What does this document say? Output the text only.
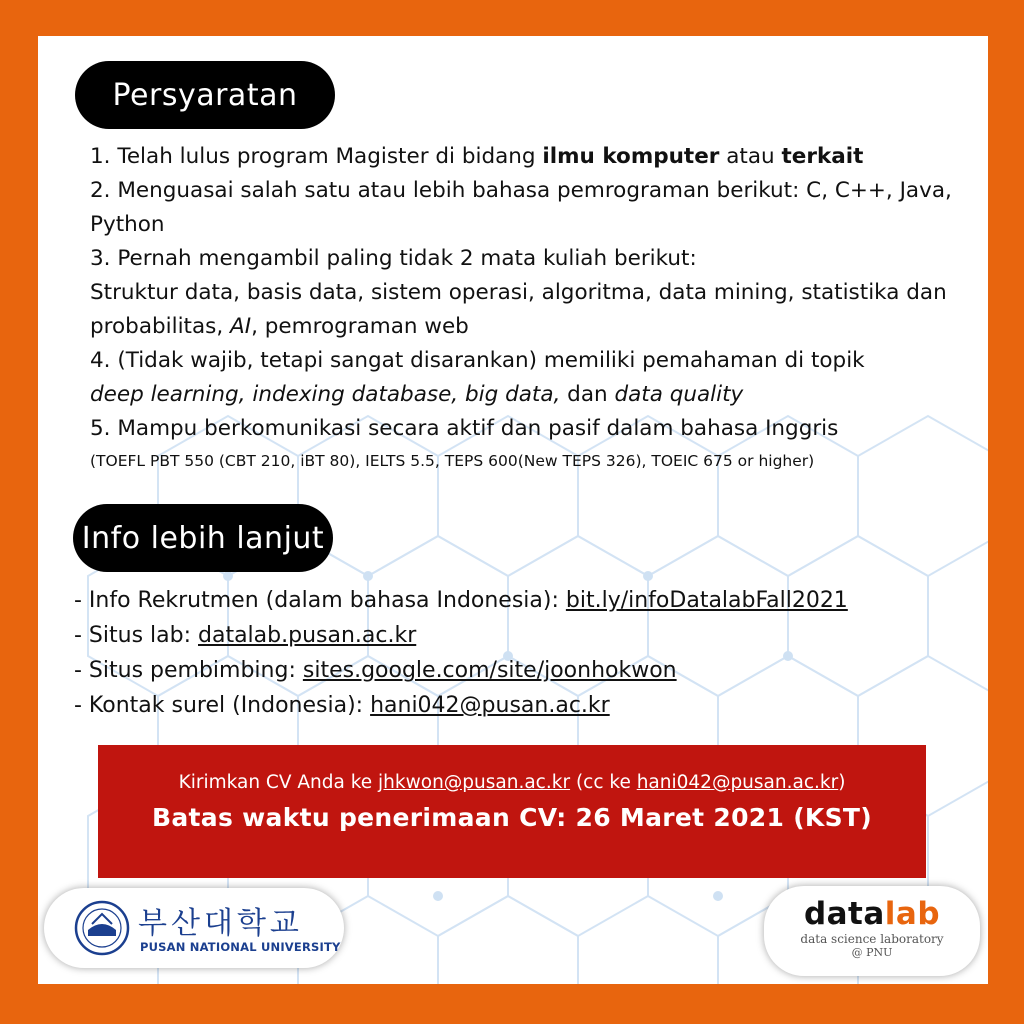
Persyaratan

1. Telah lulus program Magister di bidang ilmu komputer atau terkait

2. Menguasai salah satu atau lebih bahasa pemrograman berikut: C, C++, Java, Python

3. Pernah mengambil paling tidak 2 mata kuliah berikut:

Struktur data, basis data, sistem operasi, algoritma, data mining, statistika dan probabilitas, AI, pemrograman web

4. (Tidak wajib, tetapi sangat disarankan) memiliki pemahaman di topik

deep learning, indexing database, big data, dan data quality

5. Mampu berkomunikasi secara aktif dan pasif dalam bahasa Inggris

(TOEFL PBT 550 (CBT 210, iBT 80), IELTS 5.5, TEPS 600(New TEPS 326), TOEIC 675 or higher)

Info lebih lanjut

- Info Rekrutmen (dalam bahasa Indonesia): bit.ly/infoDatalabFall2021

- Situs lab: datalab.pusan.ac.kr

- Situs pembimbing: sites.google.com/site/joonhokwon

- Kontak surel (Indonesia): hani042@pusan.ac.kr

Kirimkan CV Anda ke jhkwon@pusan.ac.kr (cc ke hani042@pusan.ac.kr)
Batas waktu penerimaan CV: 26 Maret 2021 (KST)
부산대학교
PUSAN NATIONAL UNIVERSITY
datalab
data science laboratory
@ PNU
